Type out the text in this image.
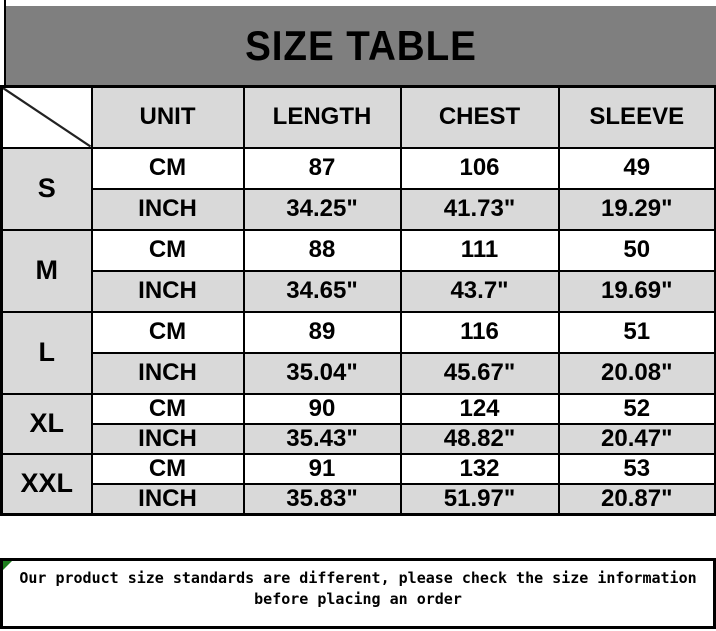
SIZE TABLE
	UNIT	LENGTH	CHEST	SLEEVE
S	CM	87	106	49
	INCH	34.25"	41.73"	19.29"
M	CM	88	111	50
	INCH	34.65"	43.7"	19.69"
L	CM	89	116	51
	INCH	35.04"	45.67"	20.08"
XL	CM	90	124	52
	INCH	35.43"	48.82"	20.47"
XXL	CM	91	132	53
	INCH	35.83"	51.97"	20.87"
Our product size standards are different, please check the size information before placing an order
